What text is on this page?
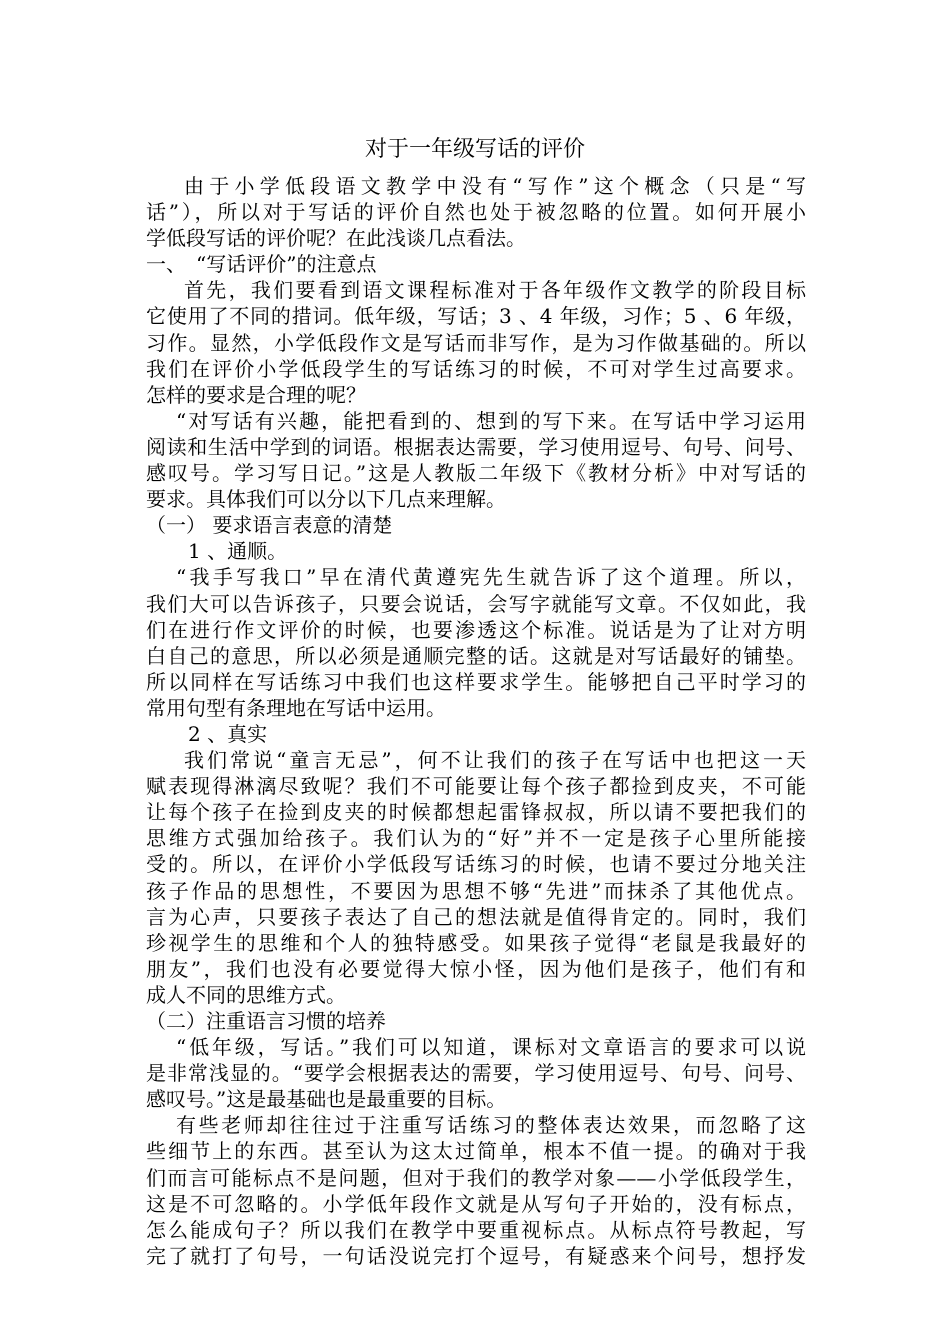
对于一年级写话的评价
由于小学低段语文教学中没有“写作”这个概念（只是“写
话”），所以对于写话的评价自然也处于被忽略的位置。如何开展小
学低段写话的评价呢？在此浅谈几点看法。
一、　“写话评价”的注意点
首先，我们要看到语文课程标准对于各年级作文教学的阶段目标
它使用了不同的措词。低年级，写话；3 、4 年级，习作；5 、6 年级，
习作。显然，小学低段作文是写话而非写作，是为习作做基础的。所以
我们在评价小学低段学生的写话练习的时候，不可对学生过高要求。
怎样的要求是合理的呢？
“对写话有兴趣，能把看到的、想到的写下来。在写话中学习运用
阅读和生活中学到的词语。根据表达需要，学习使用逗号、句号、问号、
感叹号。学习写日记。”这是人教版二年级下《教材分析》中对写话的
要求。具体我们可以分以下几点来理解。
（一） 要求语言表意的清楚
1 、通顺。
“我手写我口”早在清代黄遵宪先生就告诉了这个道理。所以，
我们大可以告诉孩子，只要会说话，会写字就能写文章。不仅如此，我
们在进行作文评价的时候，也要渗透这个标准。说话是为了让对方明
白自己的意思，所以必须是通顺完整的话。这就是对写话最好的铺垫。
所以同样在写话练习中我们也这样要求学生。能够把自己平时学习的
常用句型有条理地在写话中运用。
2 、真实
我们常说“童言无忌”，何不让我们的孩子在写话中也把这一天
赋表现得淋漓尽致呢？我们不可能要让每个孩子都捡到皮夹，不可能
让每个孩子在捡到皮夹的时候都想起雷锋叔叔，所以请不要把我们的
思维方式强加给孩子。我们认为的“好”并不一定是孩子心里所能接
受的。所以，在评价小学低段写话练习的时候，也请不要过分地关注
孩子作品的思想性，不要因为思想不够“先进”而抹杀了其他优点。
言为心声，只要孩子表达了自己的想法就是值得肯定的。同时，我们
珍视学生的思维和个人的独特感受。如果孩子觉得“老鼠是我最好的
朋友”，我们也没有必要觉得大惊小怪，因为他们是孩子，他们有和
成人不同的思维方式。
（二）注重语言习惯的培养
“低年级，写话。”我们可以知道，课标对文章语言的要求可以说
是非常浅显的。“要学会根据表达的需要，学习使用逗号、句号、问号、
感叹号。”这是最基础也是最重要的目标。
有些老师却往往过于注重写话练习的整体表达效果，而忽略了这
些细节上的东西。甚至认为这太过简单，根本不值一提。的确对于我
们而言可能标点不是问题，但对于我们的教学对象——小学低段学生，
这是不可忽略的。小学低年段作文就是从写句子开始的，没有标点，
怎么能成句子？所以我们在教学中要重视标点。从标点符号教起，写
完了就打了句号，一句话没说完打个逗号，有疑惑来个问号，想抒发
